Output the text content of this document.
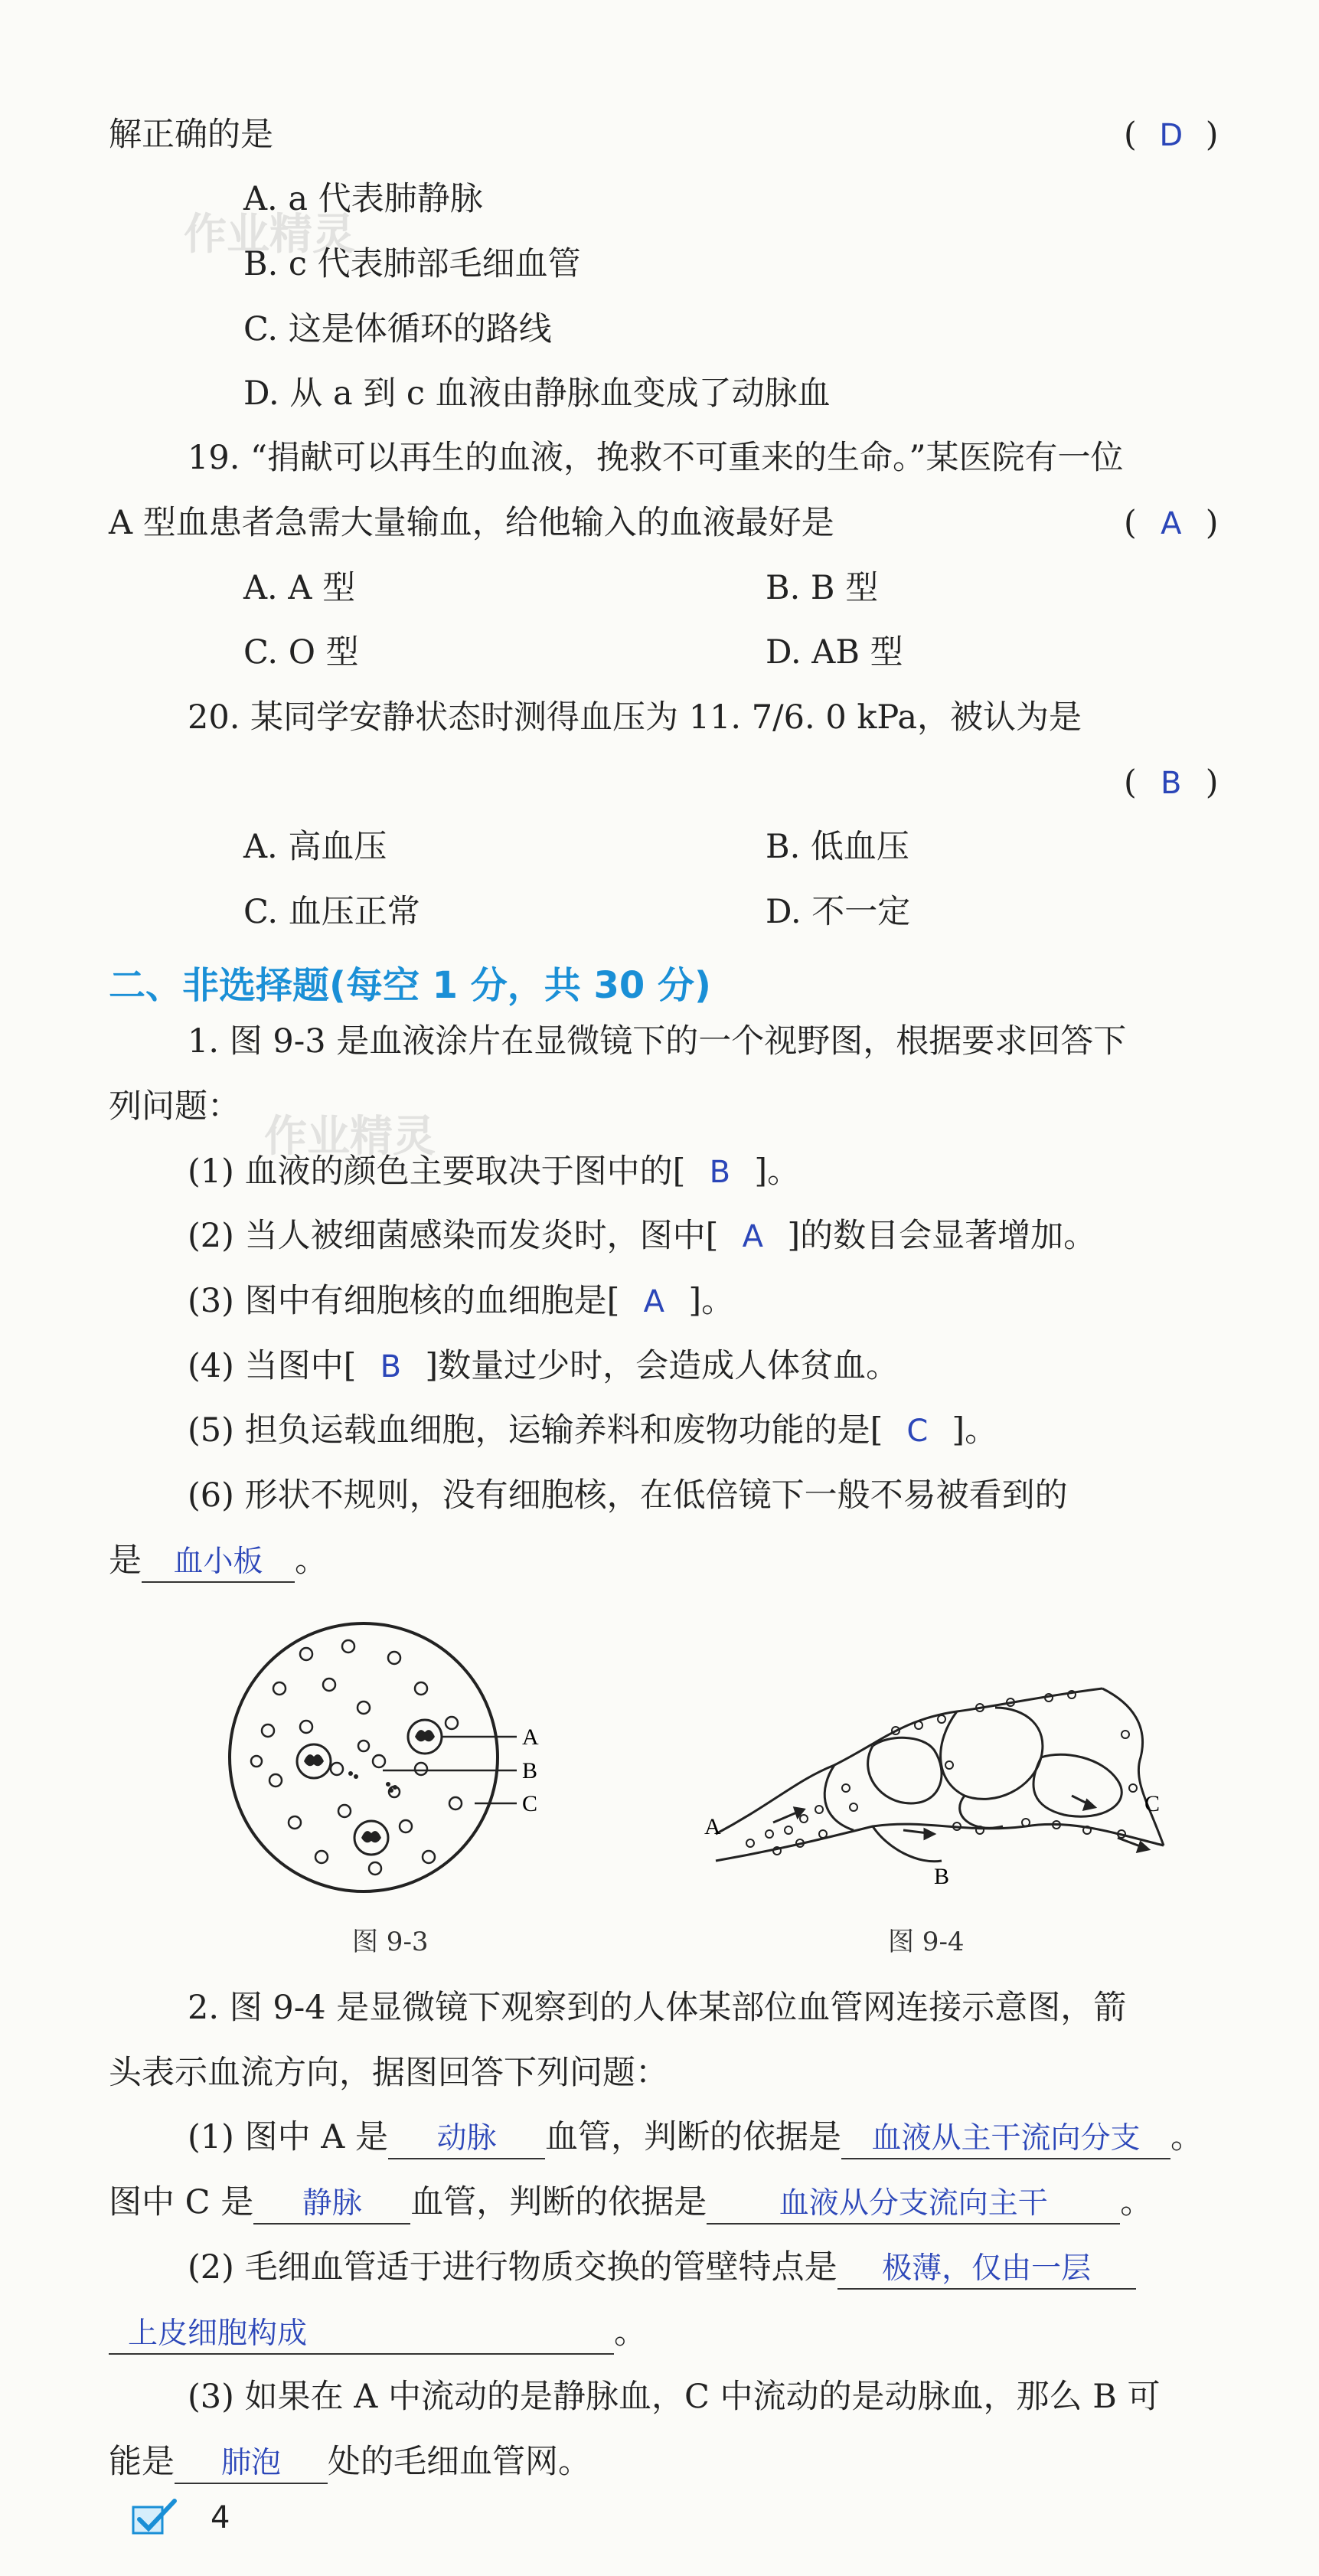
作业精灵
作业精灵
解正确的是	( D )
A. a 代表肺静脉
B. c 代表肺部毛细血管
C. 这是体循环的路线
D. 从 a 到 c 血液由静脉血变成了动脉血
19. “捐献可以再生的血液，挽救不可重来的生命。”某医院有一位
A 型血患者急需大量输血，给他输入的血液最好是	( A )
A. A 型	B. B 型
C. O 型	D. AB 型
20. 某同学安静状态时测得血压为 11. 7/6. 0 kPa，被认为是
( B )
A. 高血压	B. 低血压
C. 血压正常	D. 不一定
二、非选择题(每空 1 分，共 30 分)
1. 图 9-3 是血液涂片在显微镜下的一个视野图，根据要求回答下
列问题：
(1) 血液的颜色主要取决于图中的[ B ]。
(2) 当人被细菌感染而发炎时，图中[ A ]的数目会显著增加。
(3) 图中有细胞核的血细胞是[ A ]。
(4) 当图中[ B ]数量过少时，会造成人体贫血。
(5) 担负运载血细胞，运输养料和废物功能的是[ C ]。
(6) 形状不规则，没有细胞核，在低倍镜下一般不易被看到的
是 血小板 。
A
B
C
图 9-3
A
B
C
图 9-4
2. 图 9-4 是显微镜下观察到的人体某部位血管网连接示意图，箭
头表示血流方向，据图回答下列问题：
(1) 图中 A 是 动脉 血管，判断的依据是 血液从主干流向分支 。
图中 C 是 静脉 血管，判断的依据是 血液从分支流向主干 。
(2) 毛细血管适于进行物质交换的管壁特点是 极薄，仅由一层
上皮细胞构成	。
(3) 如果在 A 中流动的是静脉血，C 中流动的是动脉血，那么 B 可
能是 肺泡 处的毛细血管网。
4
